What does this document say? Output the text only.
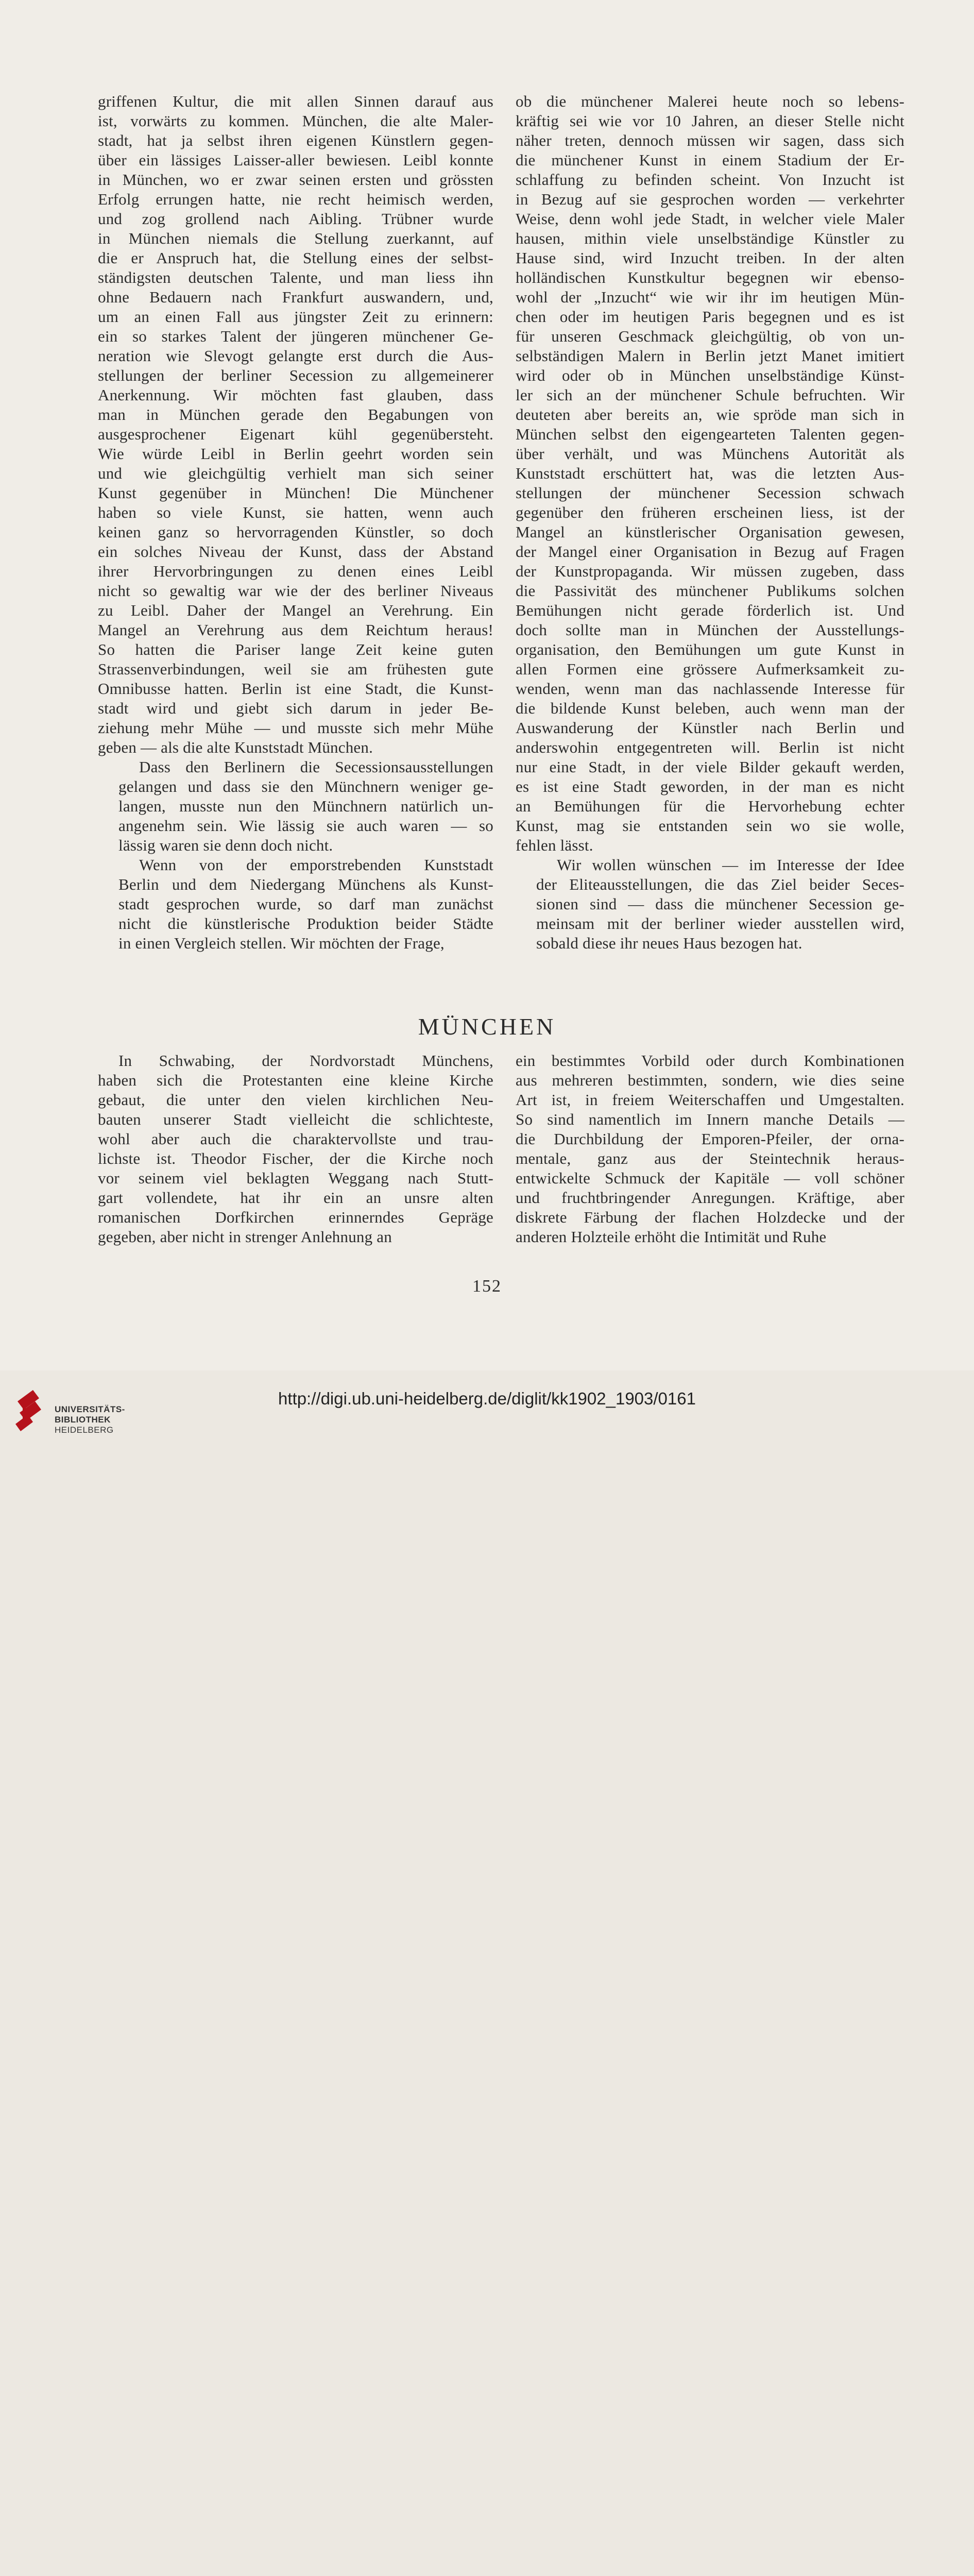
griffenen Kultur, die mit allen Sinnen darauf aus
ist, vorwärts zu kommen. München, die alte Maler-
stadt, hat ja selbst ihren eigenen Künstlern gegen-
über ein lässiges Laisser-aller bewiesen. Leibl konnte
in München, wo er zwar seinen ersten und grössten
Erfolg errungen hatte, nie recht heimisch werden,
und zog grollend nach Aibling. Trübner wurde
in München niemals die Stellung zuerkannt, auf
die er Anspruch hat, die Stellung eines der selbst-
ständigsten deutschen Talente, und man liess ihn
ohne Bedauern nach Frankfurt auswandern, und,
um an einen Fall aus jüngster Zeit zu erinnern:
ein so starkes Talent der jüngeren münchener Ge-
neration wie Slevogt gelangte erst durch die Aus-
stellungen der berliner Secession zu allgemeinerer
Anerkennung. Wir möchten fast glauben, dass
man in München gerade den Begabungen von
ausgesprochener Eigenart kühl gegenübersteht.
Wie würde Leibl in Berlin geehrt worden sein
und wie gleichgültig verhielt man sich seiner
Kunst gegenüber in München! Die Münchener
haben so viele Kunst, sie hatten, wenn auch
keinen ganz so hervorragenden Künstler, so doch
ein solches Niveau der Kunst, dass der Abstand
ihrer Hervorbringungen zu denen eines Leibl
nicht so gewaltig war wie der des berliner Niveaus
zu Leibl. Daher der Mangel an Verehrung. Ein
Mangel an Verehrung aus dem Reichtum heraus!
So hatten die Pariser lange Zeit keine guten
Strassenverbindungen, weil sie am frühesten gute
Omnibusse hatten. Berlin ist eine Stadt, die Kunst-
stadt wird und giebt sich darum in jeder Be-
ziehung mehr Mühe — und musste sich mehr Mühe
geben — als die alte Kunststadt München.

Dass den Berlinern die Secessionsausstellungen
gelangen und dass sie den Münchnern weniger ge-
langen, musste nun den Münchnern natürlich un-
angenehm sein. Wie lässig sie auch waren — so
lässig waren sie denn doch nicht.

Wenn von der emporstrebenden Kunststadt
Berlin und dem Niedergang Münchens als Kunst-
stadt gesprochen wurde, so darf man zunächst
nicht die künstlerische Produktion beider Städte
in einen Vergleich stellen. Wir möchten der Frage,

ob die münchener Malerei heute noch so lebens-
kräftig sei wie vor 10 Jahren, an dieser Stelle nicht
näher treten, dennoch müssen wir sagen, dass sich
die münchener Kunst in einem Stadium der Er-
schlaffung zu befinden scheint. Von Inzucht ist
in Bezug auf sie gesprochen worden — verkehrter
Weise, denn wohl jede Stadt, in welcher viele Maler
hausen, mithin viele unselbständige Künstler zu
Hause sind, wird Inzucht treiben. In der alten
holländischen Kunstkultur begegnen wir ebenso-
wohl der „Inzucht“ wie wir ihr im heutigen Mün-
chen oder im heutigen Paris begegnen und es ist
für unseren Geschmack gleichgültig, ob von un-
selbständigen Malern in Berlin jetzt Manet imitiert
wird oder ob in München unselbständige Künst-
ler sich an der münchener Schule befruchten. Wir
deuteten aber bereits an, wie spröde man sich in
München selbst den eigengearteten Talenten gegen-
über verhält, und was Münchens Autorität als
Kunststadt erschüttert hat, was die letzten Aus-
stellungen der münchener Secession schwach
gegenüber den früheren erscheinen liess, ist der
Mangel an künstlerischer Organisation gewesen,
der Mangel einer Organisation in Bezug auf Fragen
der Kunstpropaganda. Wir müssen zugeben, dass
die Passivität des münchener Publikums solchen
Bemühungen nicht gerade förderlich ist. Und
doch sollte man in München der Ausstellungs-
organisation, den Bemühungen um gute Kunst in
allen Formen eine grössere Aufmerksamkeit zu-
wenden, wenn man das nachlassende Interesse für
die bildende Kunst beleben, auch wenn man der
Auswanderung der Künstler nach Berlin und
anderswohin entgegentreten will. Berlin ist nicht
nur eine Stadt, in der viele Bilder gekauft werden,
es ist eine Stadt geworden, in der man es nicht
an Bemühungen für die Hervorhebung echter
Kunst, mag sie entstanden sein wo sie wolle,
fehlen lässt.

Wir wollen wünschen — im Interesse der Idee
der Eliteausstellungen, die das Ziel beider Seces-
sionen sind — dass die münchener Secession ge-
meinsam mit der berliner wieder ausstellen wird,
sobald diese ihr neues Haus bezogen hat.

MÜNCHEN

In Schwabing, der Nordvorstadt Münchens,
haben sich die Protestanten eine kleine Kirche
gebaut, die unter den vielen kirchlichen Neu-
bauten unserer Stadt vielleicht die schlichteste,
wohl aber auch die charaktervollste und trau-
lichste ist. Theodor Fischer, der die Kirche noch
vor seinem viel beklagten Weggang nach Stutt-
gart vollendete, hat ihr ein an unsre alten
romanischen Dorfkirchen erinnerndes Gepräge
gegeben, aber nicht in strenger Anlehnung an

ein bestimmtes Vorbild oder durch Kombinationen
aus mehreren bestimmten, sondern, wie dies seine
Art ist, in freiem Weiterschaffen und Umgestalten.
So sind namentlich im Innern manche Details —
die Durchbildung der Emporen-Pfeiler, der orna-
mentale, ganz aus der Steintechnik heraus-
entwickelte Schmuck der Kapitäle — voll schöner
und fruchtbringender Anregungen. Kräftige, aber
diskrete Färbung der flachen Holzdecke und der
anderen Holzteile erhöht die Intimität und Ruhe

152
UNIVERSITÄTS-
BIBLIOTHEK
HEIDELBERG
http://digi.ub.uni-heidelberg.de/diglit/kk1902_1903/0161
